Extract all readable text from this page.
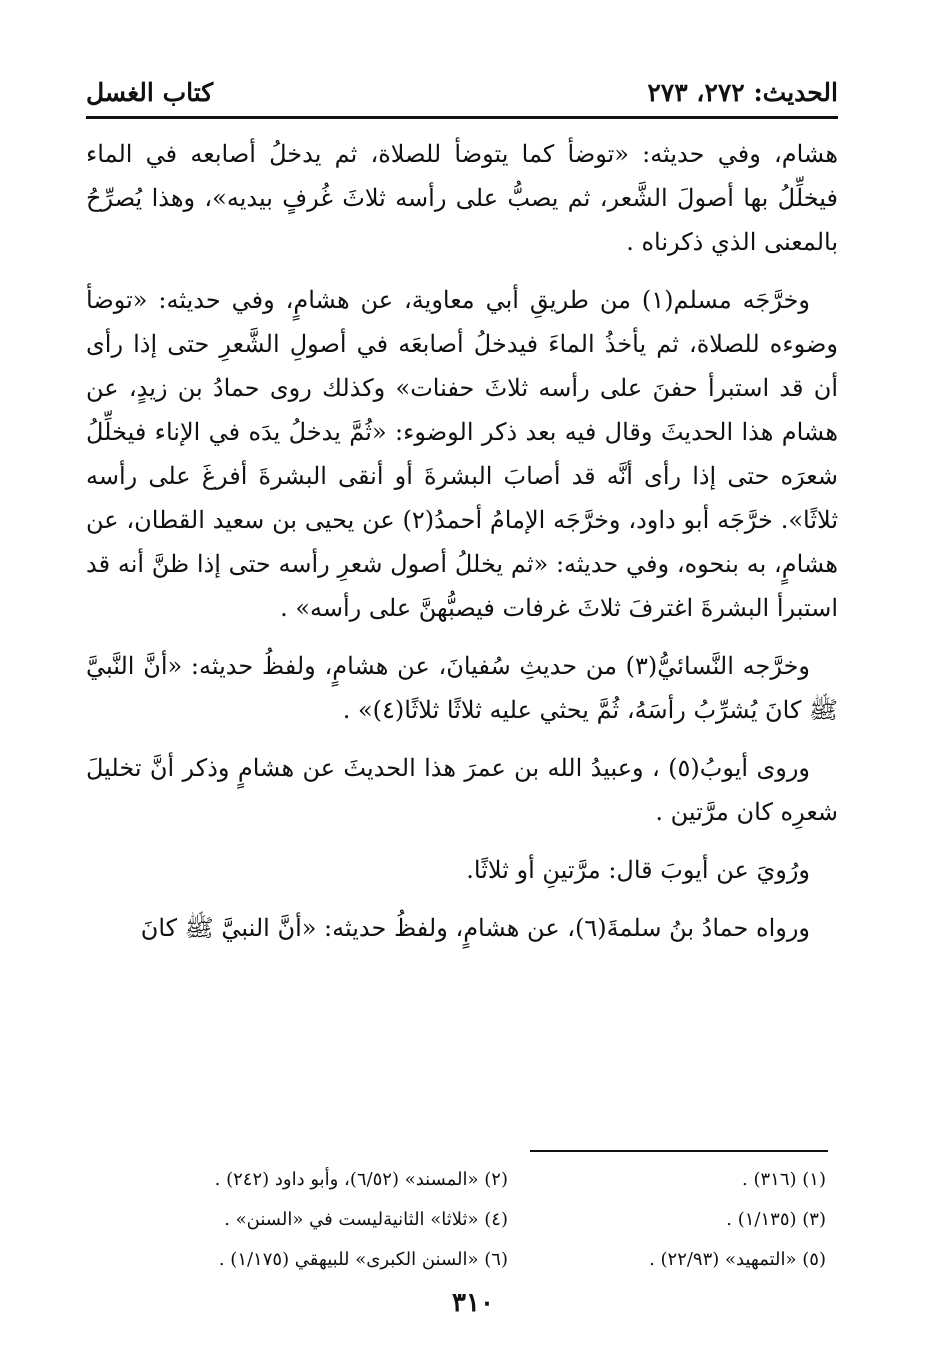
الحديث: ٢٧٢، ٢٧٣
كتاب الغسل

هشام، وفي حديثه: «توضأ كما يتوضأ للصلاة، ثم يدخلُ أصابعه في الماء فيخلِّلُ بها أصولَ الشَّعر، ثم يصبُّ على رأسه ثلاثَ غُرفٍ بيديه»، وهذا يُصرِّحُ بالمعنى الذي ذكرناه .

وخرَّجَه مسلم(١) من طريقِ أبي معاوية، عن هشامٍ، وفي حديثه: «توضأ وضوءه للصلاة، ثم يأخذُ الماءَ فيدخلُ أصابعَه في أصولِ الشَّعرِ حتى إذا رأى أن قد استبرأ حفنَ على رأسه ثلاثَ حفنات» وكذلك روى حمادُ بن زيدٍ، عن هشام هذا الحديثَ وقال فيه بعد ذكر الوضوء: «ثُمَّ يدخلُ يدَه في الإناء فيخلِّلُ شعرَه حتى إذا رأى أنَّه قد أصابَ البشرةَ أو أنقى البشرةَ أفرغَ على رأسه ثلاثًا». خرَّجَه أبو داود، وخرَّجَه الإمامُ أحمدُ(٢) عن يحيى بن سعيد القطان، عن هشامٍ، به بنحوه، وفي حديثه: «ثم يخللُ أصول شعرِ رأسه حتى إذا ظنَّ أنه قد استبرأ البشرةَ اغترفَ ثلاثَ غرفات فيصبُّهنَّ على رأسه» .

وخرَّجه النَّسائيُّ(٣) من حديثِ سُفيانَ، عن هشامٍ، ولفظُ حديثه: «أنَّ النَّبيَّ ﷺ كانَ يُشرِّبُ رأسَهُ، ثُمَّ يحثي عليه ثلاثًا ثلاثًا(٤)» .

وروى أيوبُ(٥) ، وعبيدُ الله بن عمرَ هذا الحديثَ عن هشامٍ وذكر أنَّ تخليلَ شعرِه كان مرَّتين .

ورُويَ عن أيوبَ قال: مرَّتينِ أو ثلاثًا.

ورواه حمادُ بنُ سلمةَ(٦)، عن هشامٍ، ولفظُ حديثه: «أنَّ النبيَّ ﷺ كانَ

(١) (٣١٦) .
(٢) «المسند» (٦/٥٢)، وأبو داود (٢٤٢) .
(٣) (١/١٣٥) .
(٤) «ثلاثا» الثانيةليست في «السنن» .
(٥) «التمهيد» (٢٢/٩٣) .
(٦) «السنن الكبرى» للبيهقي (١/١٧٥) .
٣١٠
